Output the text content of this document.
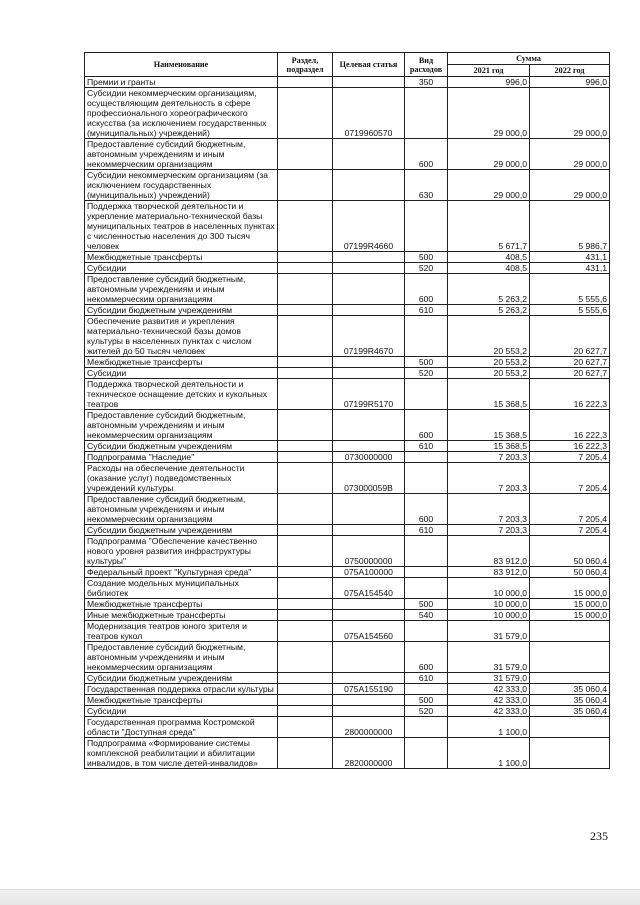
Наименование	Раздел, подраздел	Целевая статья	Вид расходов	Сумма	
				2021 год	2022 год
Премии и гранты			350	996,0	996,0
Субсидии некоммерческим организациям, осуществляющим деятельность в сфере профессионального хореографического искусства (за исключением государственных (муниципальных) учреждений)		0719960570		29 000,0	29 000,0
Предоставление субсидий бюджетным, автономным учреждениям и иным некоммерческим организациям			600	29 000,0	29 000,0
Субсидии некоммерческим организациям (за исключением государственных (муниципальных) учреждений)			630	29 000,0	29 000,0
Поддержка творческой деятельности и укрепление материально-технической базы муниципальных театров в населенных пунктах с численностью населения до 300 тысяч человек		07199R4660		5 671,7	5 986,7
Межбюджетные трансферты			500	408,5	431,1
Субсидии			520	408,5	431,1
Предоставление субсидий бюджетным, автономным учреждениям и иным некоммерческим организациям			600	5 263,2	5 555,6
Субсидии бюджетным учреждениям			610	5 263,2	5 555,6
Обеспечение развития и укрепления материально-технической базы домов культуры в населенных пунктах с числом жителей до 50 тысяч человек		07199R4670		20 553,2	20 627,7
Межбюджетные трансферты			500	20 553,2	20 627,7
Субсидии			520	20 553,2	20 627,7
Поддержка творческой деятельности и техническое оснащение детских и кукольных театров		07199R5170		15 368,5	16 222,3
Предоставление субсидий бюджетным, автономным учреждениям и иным некоммерческим организациям			600	15 368,5	16 222,3
Субсидии бюджетным учреждениям			610	15 368,5	16 222,3
Подпрограмма "Наследие"		0730000000		7 203,3	7 205,4
Расходы на обеспечение деятельности (оказание услуг) подведомственных учреждений культуры		073000059В		7 203,3	7 205,4
Предоставление субсидий бюджетным, автономным учреждениям и иным некоммерческим организациям			600	7 203,3	7 205,4
Субсидии бюджетным учреждениям			610	7 203,3	7 205,4
Подпрограмма "Обеспечение качественно нового уровня развития инфраструктуры культуры"		0750000000		83 912,0	50 060,4
Федеральный проект "Культурная среда"		075А100000		83 912,0	50 060,4
Создание модельных муниципальных библиотек		075А154540		10 000,0	15 000,0
Межбюджетные трансферты			500	10 000,0	15 000,0
Иные межбюджетные трансферты			540	10 000,0	15 000,0
Модернизация театров юного зрителя и театров кукол		075А154560		31 579,0	
Предоставление субсидий бюджетным, автономным учреждениям и иным некоммерческим организациям			600	31 579,0	
Субсидии бюджетным учреждениям			610	31 579,0	
Государственная поддержка отрасли культуры		075А155190		42 333,0	35 060,4
Межбюджетные трансферты			500	42 333,0	35 060,4
Субсидии			520	42 333,0	35 060,4
Государственная программа Костромской области "Доступная среда"		2800000000		1 100,0	
Подпрограмма «Формирование системы комплексной реабилитации и абилитации инвалидов, в том числе детей-инвалидов»		2820000000		1 100,0	
235
